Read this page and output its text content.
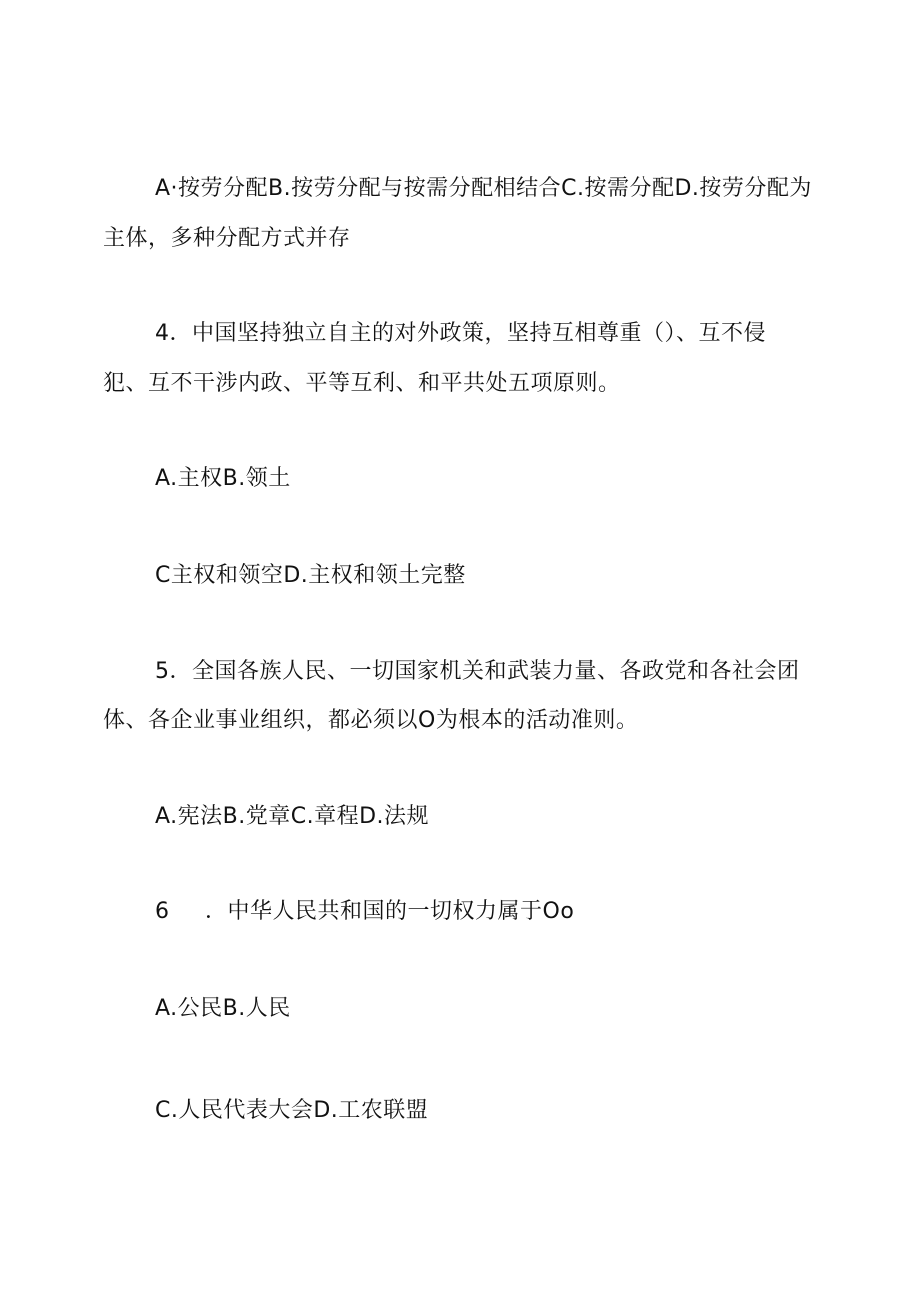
A·按劳分配B.按劳分配与按需分配相结合C.按需分配D.按劳分配为

主体，多种分配方式并存

4．中国坚持独立自主的对外政策，坚持互相尊重（）、互不侵

犯、互不干涉内政、平等互利、和平共处五项原则。

A.主权B.领土

C主权和领空D.主权和领土完整

5．全国各族人民、一切国家机关和武装力量、各政党和各社会团

体、各企业事业组织，都必须以O为根本的活动准则。

A.宪法B.党章C.章程D.法规

6 ．中华人民共和国的一切权力属于Oo

A.公民B.人民

C.人民代表大会D.工农联盟
